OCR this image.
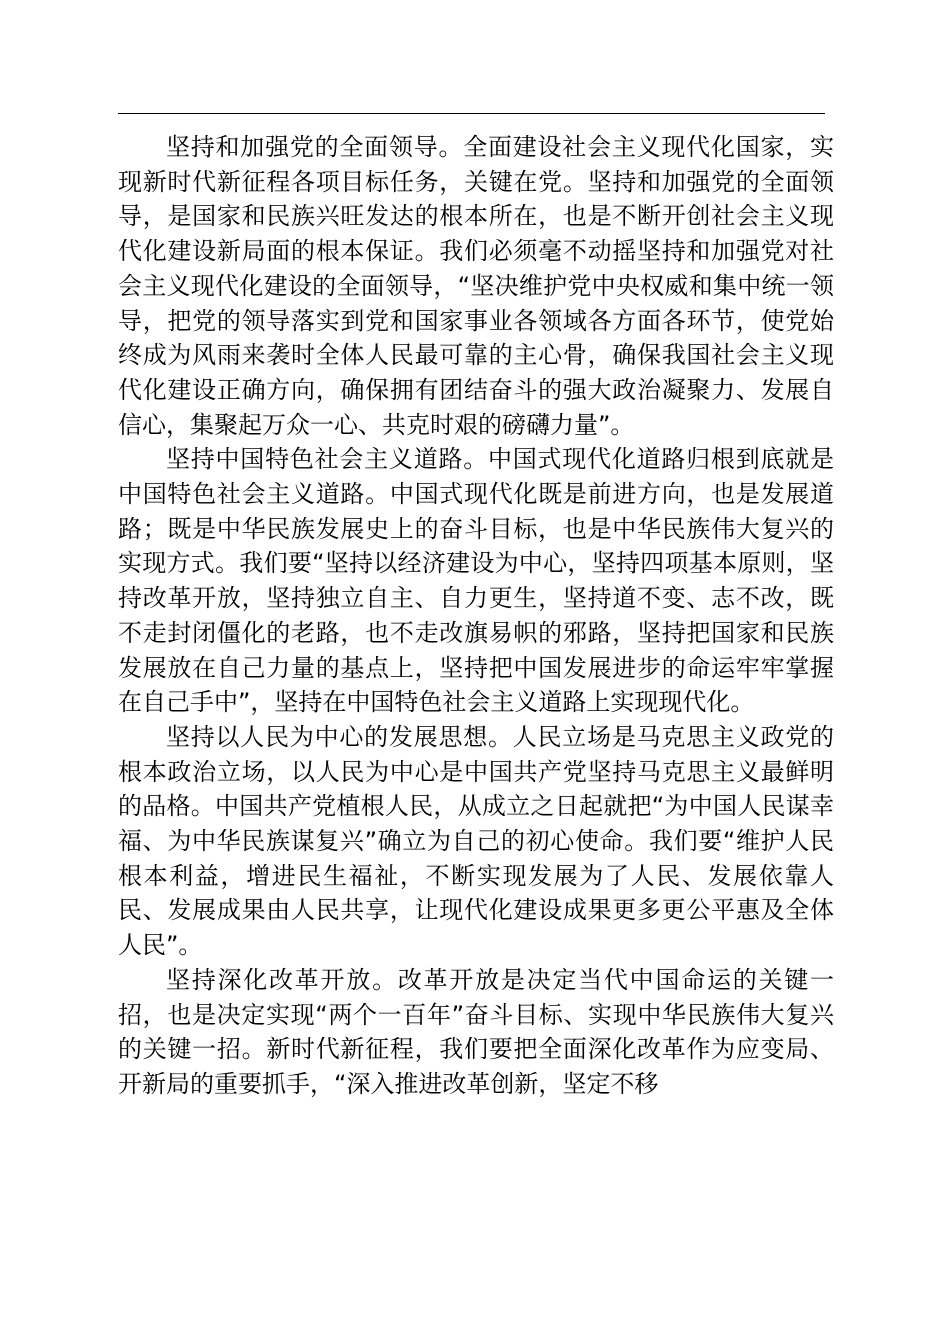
坚持和加强党的全面领导。全面建设社会主义现代化国家，实现新时代新征程各项目标任务，关键在党。坚持和加强党的全面领导，是国家和民族兴旺发达的根本所在，也是不断开创社会主义现代化建设新局面的根本保证。我们必须毫不动摇坚持和加强党对社会主义现代化建设的全面领导，“坚决维护党中央权威和集中统一领导，把党的领导落实到党和国家事业各领域各方面各环节，使党始终成为风雨来袭时全体人民最可靠的主心骨，确保我国社会主义现代化建设正确方向，确保拥有团结奋斗的强大政治凝聚力、发展自信心，集聚起万众一心、共克时艰的磅礴力量”。

坚持中国特色社会主义道路。中国式现代化道路归根到底就是中国特色社会主义道路。中国式现代化既是前进方向，也是发展道路；既是中华民族发展史上的奋斗目标，也是中华民族伟大复兴的实现方式。我们要“坚持以经济建设为中心，坚持四项基本原则，坚持改革开放，坚持独立自主、自力更生，坚持道不变、志不改，既不走封闭僵化的老路，也不走改旗易帜的邪路，坚持把国家和民族发展放在自己力量的基点上，坚持把中国发展进步的命运牢牢掌握在自己手中”，坚持在中国特色社会主义道路上实现现代化。

坚持以人民为中心的发展思想。人民立场是马克思主义政党的根本政治立场，以人民为中心是中国共产党坚持马克思主义最鲜明的品格。中国共产党植根人民，从成立之日起就把“为中国人民谋幸福、为中华民族谋复兴”确立为自己的初心使命。我们要“维护人民根本利益，增进民生福祉，不断实现发展为了人民、发展依靠人民、发展成果由人民共享，让现代化建设成果更多更公平惠及全体人民”。

坚持深化改革开放。改革开放是决定当代中国命运的关键一招，也是决定实现“两个一百年”奋斗目标、实现中华民族伟大复兴的关键一招。新时代新征程，我们要把全面深化改革作为应变局、开新局的重要抓手，“深入推进改革创新，坚定不移
